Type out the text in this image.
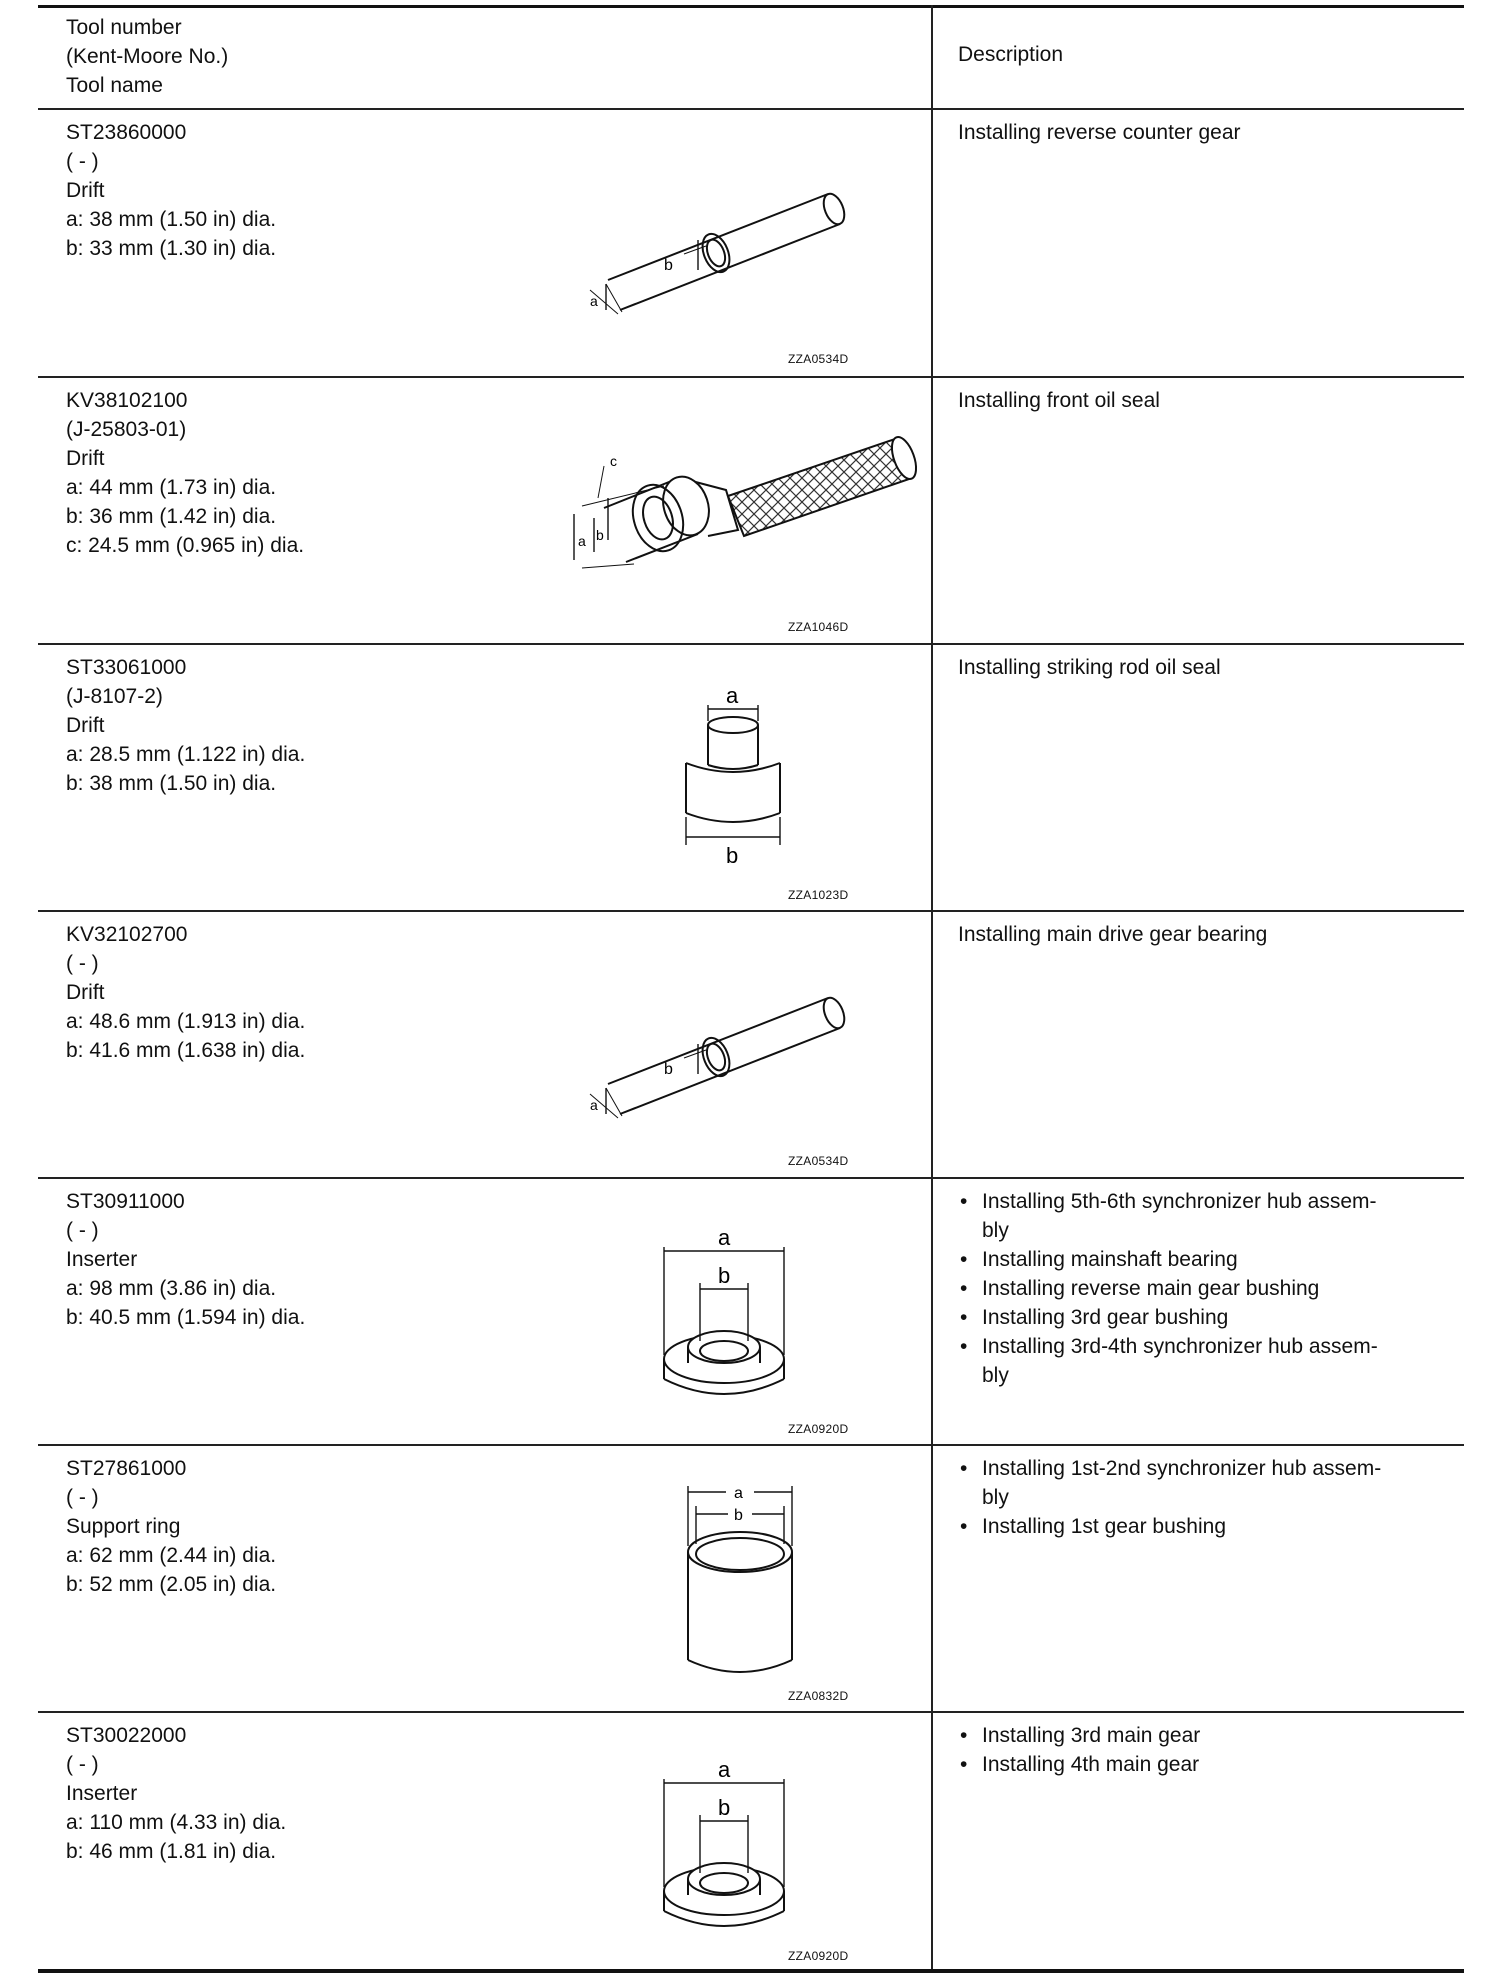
Tool number
(Kent-Moore No.)
Tool name
Description
ST23860000
( - )
Drift
a: 38 mm (1.50 in) dia.
b: 33 mm (1.30 in) dia.
a
b
ZZA0534D
Installing reverse counter gear
KV38102100
(J-25803-01)
Drift
a: 44 mm (1.73 in) dia.
b: 36 mm (1.42 in) dia.
c: 24.5 mm (0.965 in) dia.	a b
c
ZZA1046D
Installing front oil seal
ST33061000
(J-8107-2)
Drift
a: 28.5 mm (1.122 in) dia.
b: 38 mm (1.50 in) dia.
a
b
ZZA1023D
Installing striking rod oil seal
KV32102700
( - )
Drift
a: 48.6 mm (1.913 in) dia.
b: 41.6 mm (1.638 in) dia.
a
b
ZZA0534D
Installing main drive gear bearing
ST30911000
( - )
Inserter
a: 98 mm (3.86 in) dia.
b: 40.5 mm (1.594 in) dia.
a
b
ZZA0920D
• Installing 5th-6th synchronizer hub assem-
bly
• Installing mainshaft bearing
• Installing reverse main gear bushing
• Installing 3rd gear bushing
• Installing 3rd-4th synchronizer hub assem-
bly
ST27861000
( - )
Support ring
a: 62 mm (2.44 in) dia.
b: 52 mm (2.05 in) dia.
a
b
ZZA0832D
• Installing 1st-2nd synchronizer hub assem-
bly
• Installing 1st gear bushing
ST30022000
( - )
Inserter
a: 110 mm (4.33 in) dia.
b: 46 mm (1.81 in) dia.
a
b
ZZA0920D
• Installing 3rd main gear
• Installing 4th main gear
